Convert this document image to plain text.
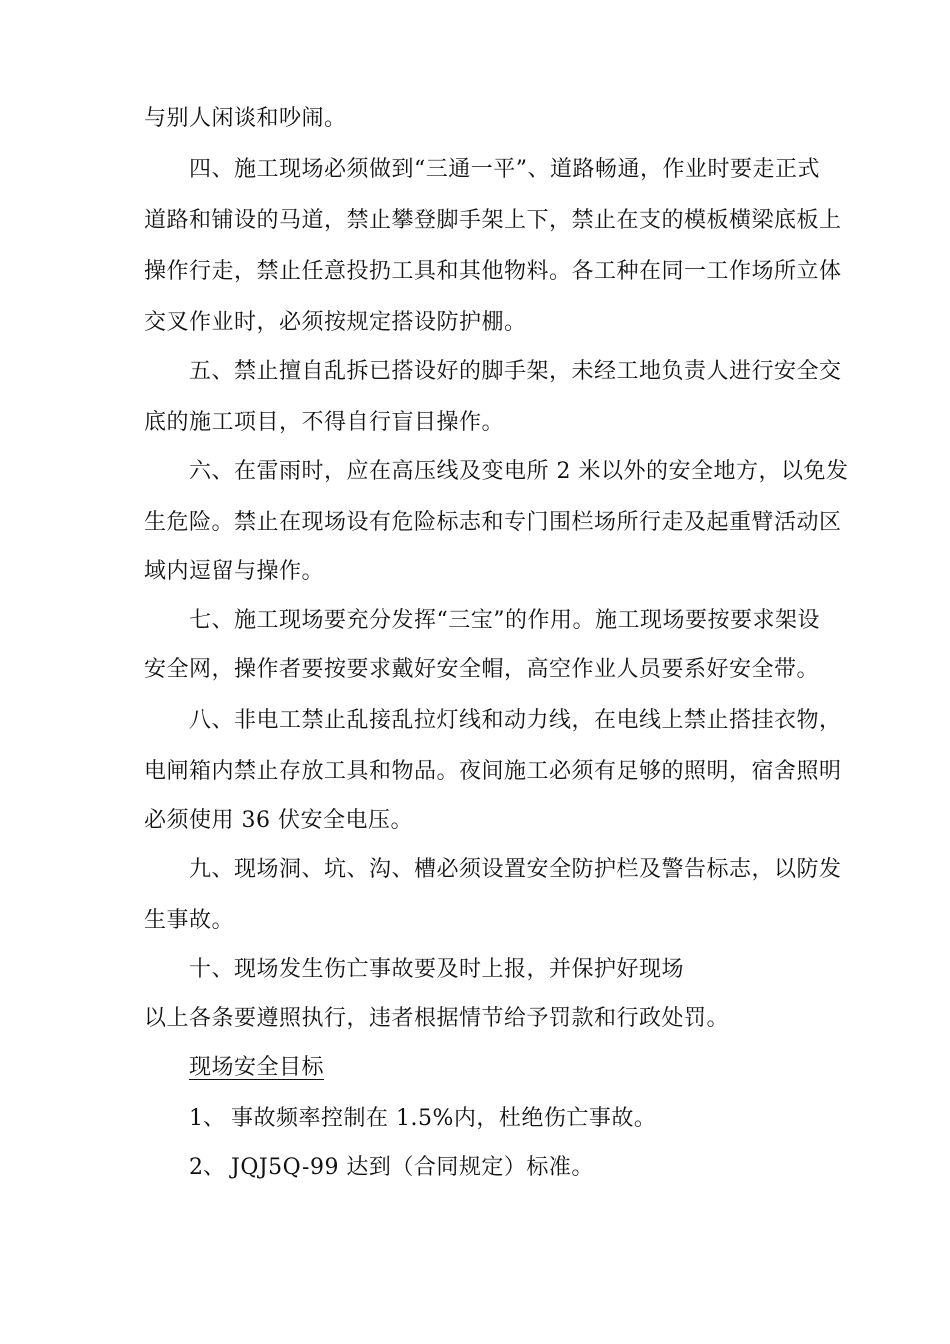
与别人闲谈和吵闹。
四、施工现场必须做到“三通一平”、道路畅通，作业时要走正式
道路和铺设的马道，禁止攀登脚手架上下，禁止在支的模板横梁底板上
操作行走，禁止任意投扔工具和其他物料。各工种在同一工作场所立体
交叉作业时，必须按规定搭设防护棚。
五、禁止擅自乱拆已搭设好的脚手架，未经工地负责人进行安全交
底的施工项目，不得自行盲目操作。
六、在雷雨时，应在高压线及变电所 2 米以外的安全地方，以免发
生危险。禁止在现场设有危险标志和专门围栏场所行走及起重臂活动区
域内逗留与操作。
七、施工现场要充分发挥“三宝”的作用。施工现场要按要求架设
安全网，操作者要按要求戴好安全帽，高空作业人员要系好安全带。
八、非电工禁止乱接乱拉灯线和动力线，在电线上禁止搭挂衣物，
电闸箱内禁止存放工具和物品。夜间施工必须有足够的照明，宿舍照明
必须使用 36 伏安全电压。
九、现场洞、坑、沟、槽必须设置安全防护栏及警告标志，以防发
生事故。
十、现场发生伤亡事故要及时上报，并保护好现场
以上各条要遵照执行，违者根据情节给予罚款和行政处罚。
现场安全目标
1、 事故频率控制在 1.5%内，杜绝伤亡事故。
2、 JQJ5Q-99 达到（合同规定）标准。
